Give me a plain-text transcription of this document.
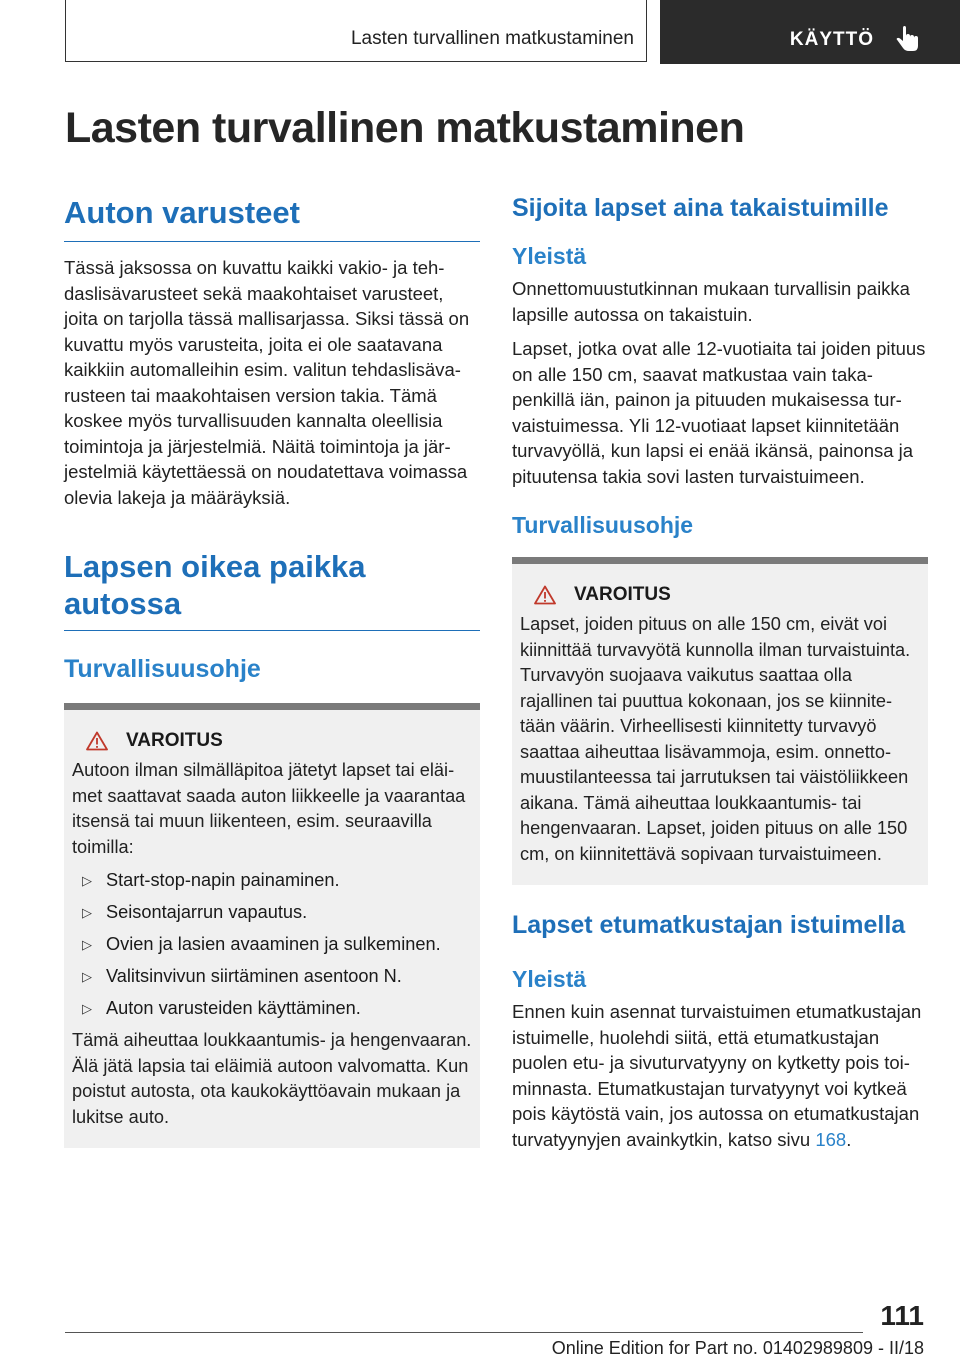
Lasten turvallinen matkustaminen	KÄYTTÖ
Lasten turvallinen matkustaminen
Auton varusteet

Tässä jaksossa on kuvattu kaikki vakio- ja tehdaslisävarusteet sekä maakohtaiset varusteet, joita on tarjolla tässä mallisarjassa. Siksi tässä on kuvattu myös varusteita, joita ei ole saatavana kaikkiin automalleihin esim. valitun tehdaslisävarusteen tai maakohtaisen version takia. Tämä koskee myös turvallisuuden kannalta oleellisia toimintoja ja järjestelmiä. Näitä toimintoja ja järjestelmiä käytettäessä on noudatettava voimassa olevia lakeja ja määräyksiä.

Lapsen oikea paikka autossa
Turvallisuusohje
VAROITUS

Autoon ilman silmälläpitoa jätetyt lapset tai eläimet saattavat saada auton liikkeelle ja vaarantaa itsensä tai muun liikenteen, esim. seuraavilla toimilla:

▷ Start-stop-napin painaminen.
▷ Seisontajarrun vapautus.
▷ Ovien ja lasien avaaminen ja sulkeminen.
▷ Valitsinvivun siirtäminen asentoon N.
▷ Auton varusteiden käyttäminen.

Tämä aiheuttaa loukkaantumis- ja hengenvaaran. Älä jätä lapsia tai eläimiä autoon valvomatta. Kun poistut autosta, ota kaukokäyttöavain mukaan ja lukitse auto.

Sijoita lapset aina takaistuimille
Yleistä

Onnettomuustutkinnan mukaan turvallisin paikka lapsille autossa on takaistuin.

Lapset, jotka ovat alle 12-vuotiaita tai joiden pituus on alle 150 cm, saavat matkustaa vain takapenkillä iän, painon ja pituuden mukaisessa turvaistuimessa. Yli 12-vuotiaat lapset kiinnitetään turvavyöllä, kun lapsi ei enää ikänsä, painonsa ja pituutensa takia sovi lasten turvaistuimeen.

Turvallisuusohje
VAROITUS

Lapset, joiden pituus on alle 150 cm, eivät voi kiinnittää turvavyötä kunnolla ilman turvaistuinta. Turvavyön suojaava vaikutus saattaa olla rajallinen tai puuttua kokonaan, jos se kiinnitetään väärin. Virheellisesti kiinnitetty turvavyö saattaa aiheuttaa lisävammoja, esim. onnettomuustilanteessa tai jarrutuksen tai väistöliikkeen aikana. Tämä aiheuttaa loukkaantumis- tai hengenvaaran. Lapset, joiden pituus on alle 150 cm, on kiinnitettävä sopivaan turvaistuimeen.

Lapset etumatkustajan istuimella
Yleistä

Ennen kuin asennat turvaistuimen etumatkustajan istuimelle, huolehdi siitä, että etumatkustajan puolen etu- ja sivuturvatyyny on kytketty pois toiminnasta. Etumatkustajan turvatyynyt voi kytkeä pois käytöstä vain, jos autossa on etumatkustajan turvatyynyjen avainkytkin, katso sivu 168.

111
Online Edition for Part no. 01402989809 - II/18
